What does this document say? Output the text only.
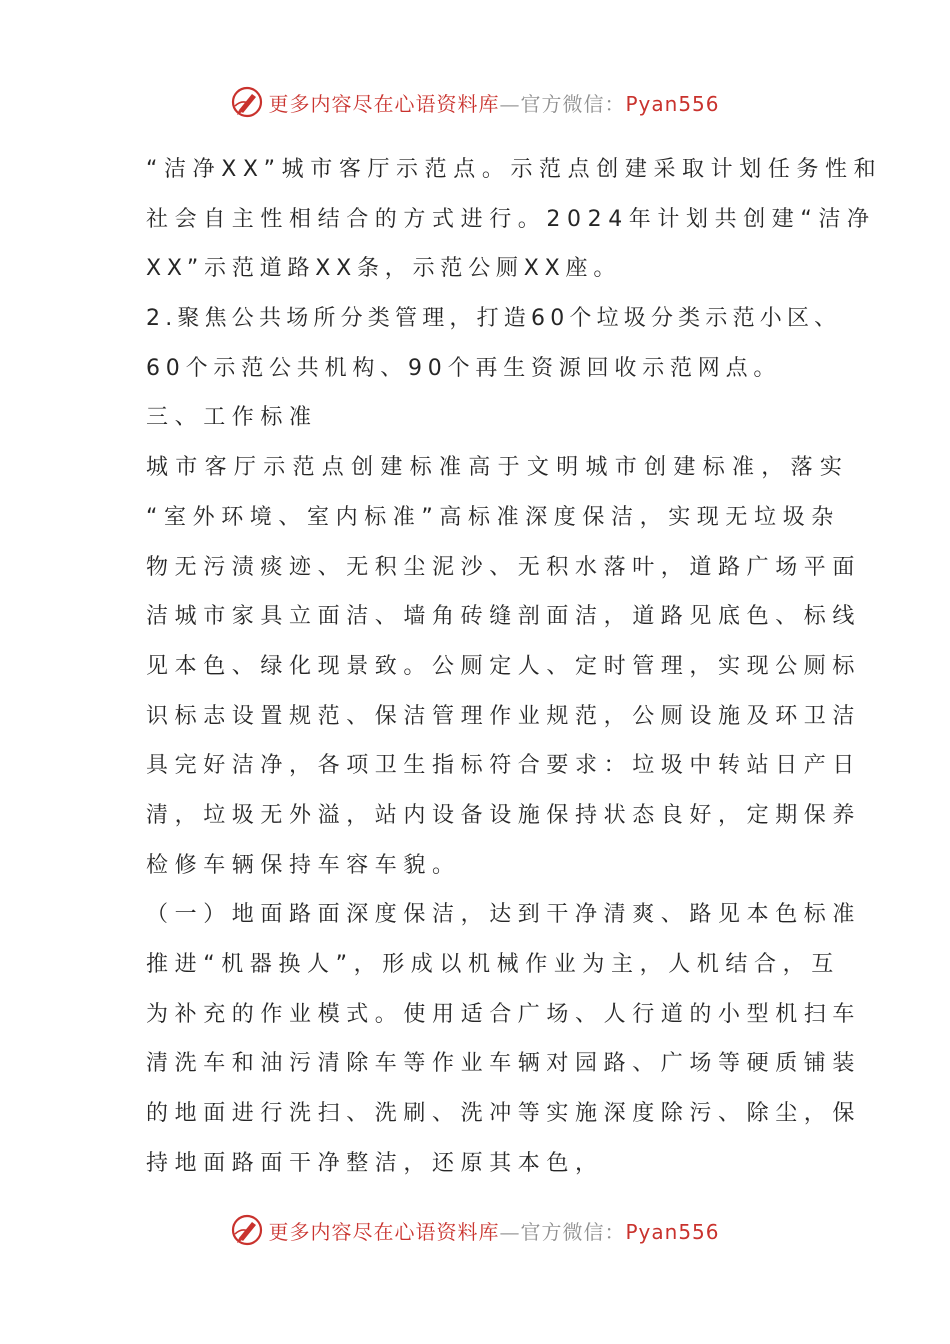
更多内容尽在心语资料库—官方微信：Pyan556
“洁净XX”城市客厅示范点。示范点创建采取计划任务性和
社会自主性相结合的方式进行。2024年计划共创建“洁净
XX”示范道路XX条，示范公厕XX座。
2.聚焦公共场所分类管理，打造60个垃圾分类示范小区、
60个示范公共机构、90个再生资源回收示范网点。
三、工作标准
城市客厅示范点创建标准高于文明城市创建标准，落实
“室外环境、室内标准”高标准深度保洁，实现无垃圾杂
物无污渍痰迹、无积尘泥沙、无积水落叶，道路广场平面
洁城市家具立面洁、墙角砖缝剖面洁，道路见底色、标线
见本色、绿化现景致。公厕定人、定时管理，实现公厕标
识标志设置规范、保洁管理作业规范，公厕设施及环卫洁
具完好洁净，各项卫生指标符合要求：垃圾中转站日产日
清，垃圾无外溢，站内设备设施保持状态良好，定期保养
检修车辆保持车容车貌。
（一）地面路面深度保洁，达到干净清爽、路见本色标准
推进“机器换人”，形成以机械作业为主，人机结合，互
为补充的作业模式。使用适合广场、人行道的小型机扫车
清洗车和油污清除车等作业车辆对园路、广场等硬质铺装
的地面进行洗扫、洗刷、洗冲等实施深度除污、除尘，保
持地面路面干净整洁，还原其本色，
更多内容尽在心语资料库—官方微信：Pyan556
